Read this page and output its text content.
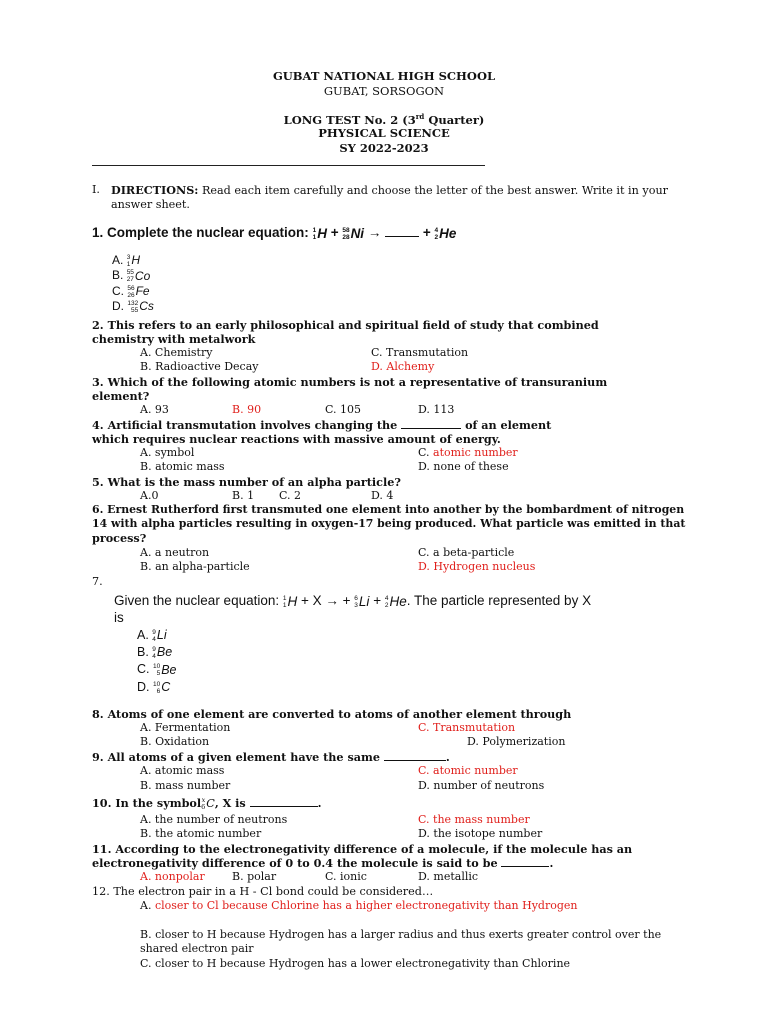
GUBAT NATIONAL HIGH SCHOOL
GUBAT, SORSOGON
LONG TEST No. 2 (3rd Quarter)
PHYSICAL SCIENCE
SY 2022-2023
I. DIRECTIONS: Read each item carefully and choose the letter of the best answer. Write it in your
answer sheet.
1. Complete the nuclear equation: 1
1 H + 58
28 Ni →	+ 4
2 He
A. 3
1 H
B. 55
27 Co
C. 56
26 Fe
D. 132
55 Cs
2. This refers to an early philosophical and spiritual field of study that combined
chemistry with metalwork
A. Chemistry	C. Transmutation
B. Radioactive Decay	D. Alchemy
3. Which of the following atomic numbers is not a representative of transuranium
element?
A. 93	B. 90	C. 105	D. 113
4. Artificial transmutation involves changing the	of an element
which requires nuclear reactions with massive amount of energy.
A. symbol	C. atomic number
B. atomic mass	D. none of these
5. What is the mass number of an alpha particle?
A.0	B. 1 C. 2	D. 4
6. Ernest Rutherford first transmuted one element into another by the bombardment of nitrogen
14 with alpha particles resulting in oxygen-17 being produced. What particle was emitted in that
process?
A. a neutron	C. a beta-particle
B. an alpha-particle	D. Hydrogen nucleus
7.
Given the nuclear equation: 1
1 H + X → + 6
3 Li + 4
2 He. The particle represented by X
is
A. 9
4 Li
B. 9
4 Be
C. 10
5 Be
D. 10
6 C
8. Atoms of one element are converted to atoms of another element through
A. Fermentation	C. Transmutation
B. Oxidation	D. Polymerization
9. All atoms of a given element have the same	.
A. atomic mass	C. atomic number
B. mass number	D. number of neutrons
10. In the symbol x
6 C, X is	.
A. the number of neutrons	C. the mass number
B. the atomic number	D. the isotope number
11. According to the electronegativity difference of a molecule, if the molecule has an
electronegativity difference of 0 to 0.4 the molecule is said to be	.
A. nonpolar B. polar	C. ionic	D. metallic
12. The electron pair in a H - Cl bond could be considered…
A. closer to Cl because Chlorine has a higher electronegativity than Hydrogen
B. closer to H because Hydrogen has a larger radius and thus exerts greater control over the
shared electron pair
C. closer to H because Hydrogen has a lower electronegativity than Chlorine
